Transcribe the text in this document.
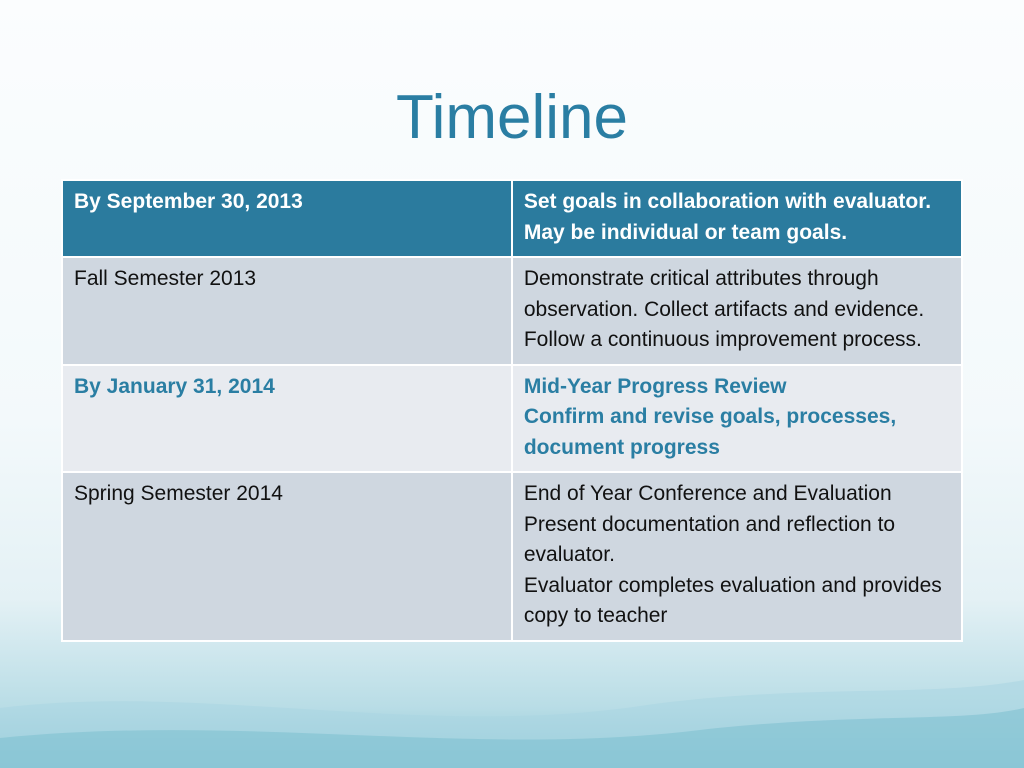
Timeline
By September 30, 2013	Set goals in collaboration with evaluator. May be individual or team goals.

Fall Semester 2013	Demonstrate critical attributes through observation. Collect artifacts and evidence. Follow a continuous improvement process.

By January 31, 2014	Mid-Year Progress Review
Confirm and revise goals, processes, document progress

Spring Semester 2014	End of Year Conference and Evaluation
Present documentation and reflection to evaluator.
Evaluator completes evaluation and provides copy to teacher
